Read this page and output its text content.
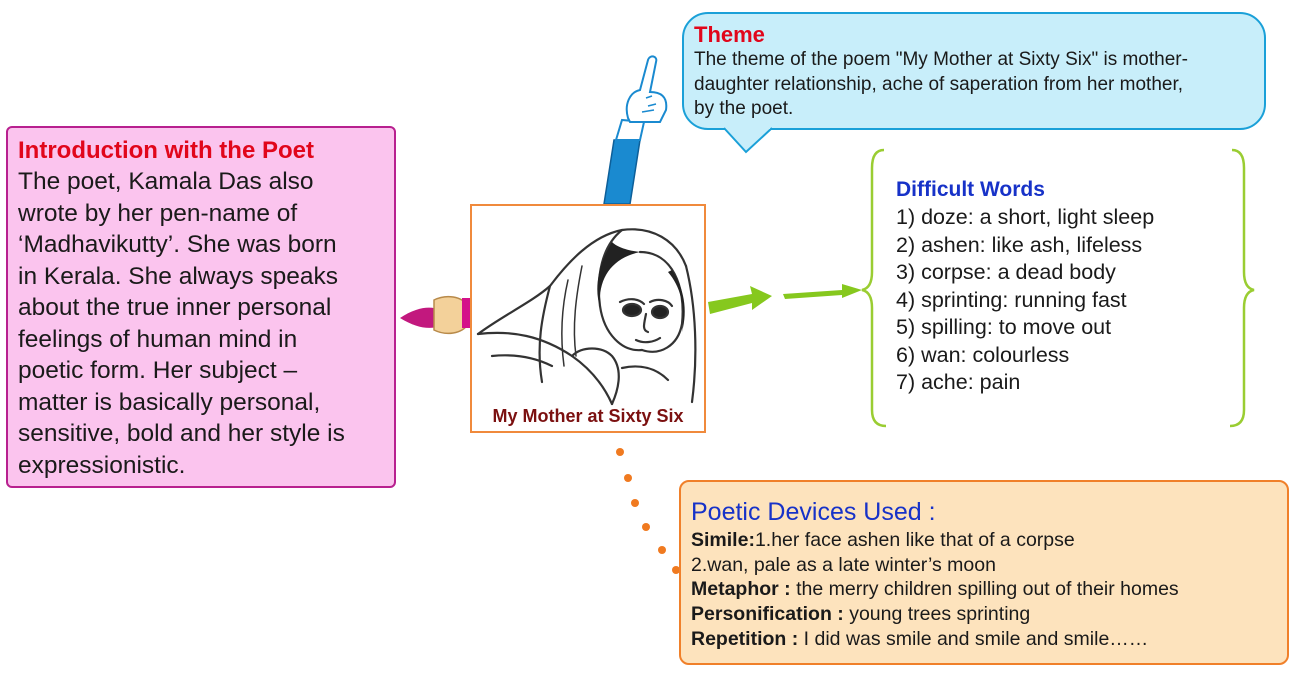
Introduction with the Poet
The poet, Kamala Das also
wrote by her pen-name of
‘Madhavikutty’. She was born
in Kerala. She always speaks
about the true inner personal
feelings of human mind in
poetic form. Her subject –
matter is basically personal,
sensitive, bold and her style is
expressionistic.
My Mother at Sixty Six
Theme
The theme of the poem "My Mother at Sixty Six" is mother-
daughter relationship, ache of saperation from her mother,
by the poet.
Difficult Words
1) doze: a short, light sleep
2) ashen: like ash, lifeless
3) corpse: a dead body
4) sprinting: running fast
5) spilling: to move out
6) wan: colourless
7) ache: pain
Poetic Devices Used :
Simile:1.her face ashen like that of a corpse
2.wan, pale as a late winter’s moon
Metaphor : the merry children spilling out of their homes
Personification : young trees sprinting
Repetition : I did was smile and smile and smile……
